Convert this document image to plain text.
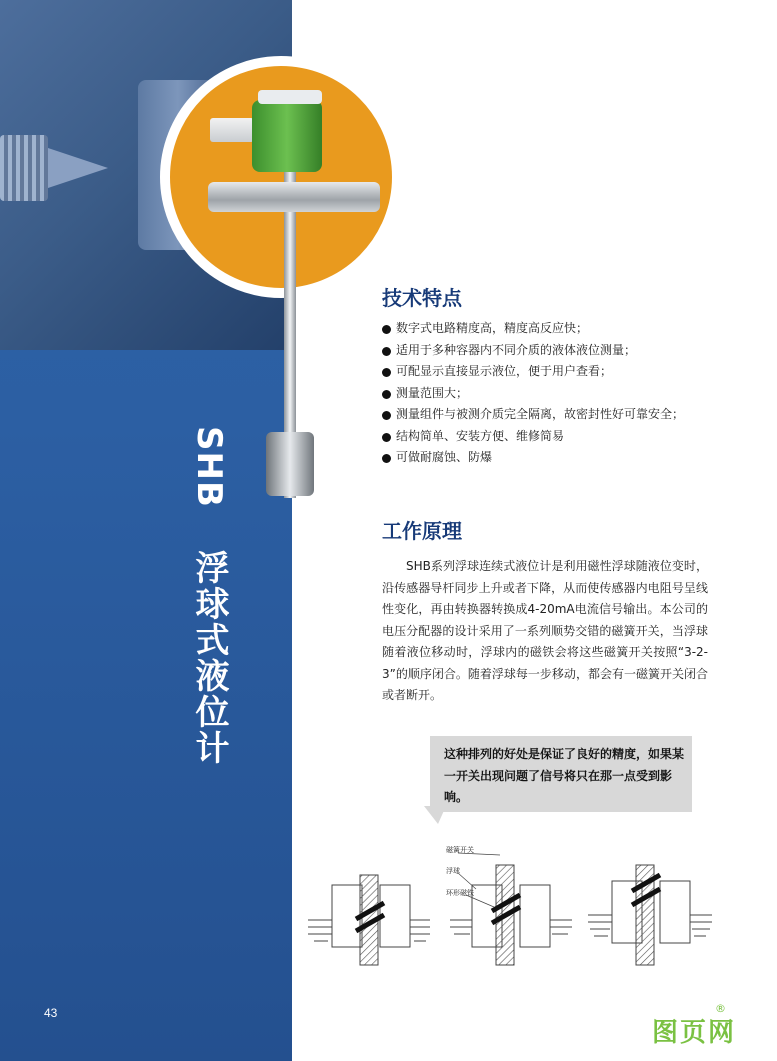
SHB 浮球式液位计
43
技术特点
数字式电路精度高，精度高反应快；
适用于多种容器内不同介质的液体液位测量；
可配显示直接显示液位，便于用户查看；
测量范围大；
测量组件与被测介质完全隔离，故密封性好可靠安全；
结构简单、安装方便、维修简易
可做耐腐蚀、防爆
工作原理

SHB系列浮球连续式液位计是利用磁性浮球随液位变时，沿传感器导杆同步上升或者下降，从而使传感器内电阻号呈线性变化，再由转换器转换成4-20mA电流信号输出。本公司的电压分配器的设计采用了一系列顺势交错的磁簧开关，当浮球随着液位移动时，浮球内的磁铁会将这些磁簧开关按照“3-2-3”的顺序闭合。随着浮球每一步移动，都会有一磁簧开关闭合或者断开。

这种排列的好处是保证了良好的精度，如果某一开关出现问题了信号将只在那一点受到影响。

磁簧开关
浮球
环形磁铁
图页网
®
